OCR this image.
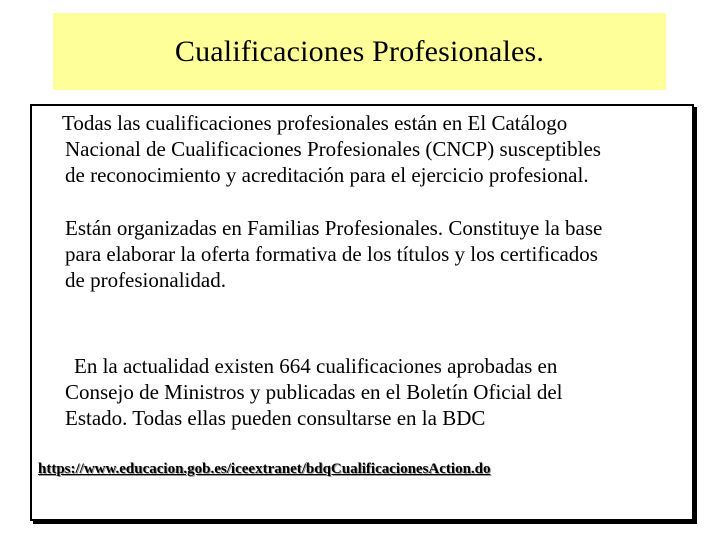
Cualificaciones Profesionales.
Todas las cualificaciones profesionales están en El Catálogo
Nacional de Cualificaciones Profesionales (CNCP) susceptibles
de reconocimiento y acreditación para el ejercicio profesional.
Están organizadas en Familias Profesionales. Constituye la base
para elaborar la oferta formativa de los títulos y los certificados
de profesionalidad.
En la actualidad existen 664 cualificaciones aprobadas en
Consejo de Ministros y publicadas en el Boletín Oficial del
Estado. Todas ellas pueden consultarse en la BDC
https://www.educacion.gob.es/iceextranet/bdqCualificacionesAction.do
